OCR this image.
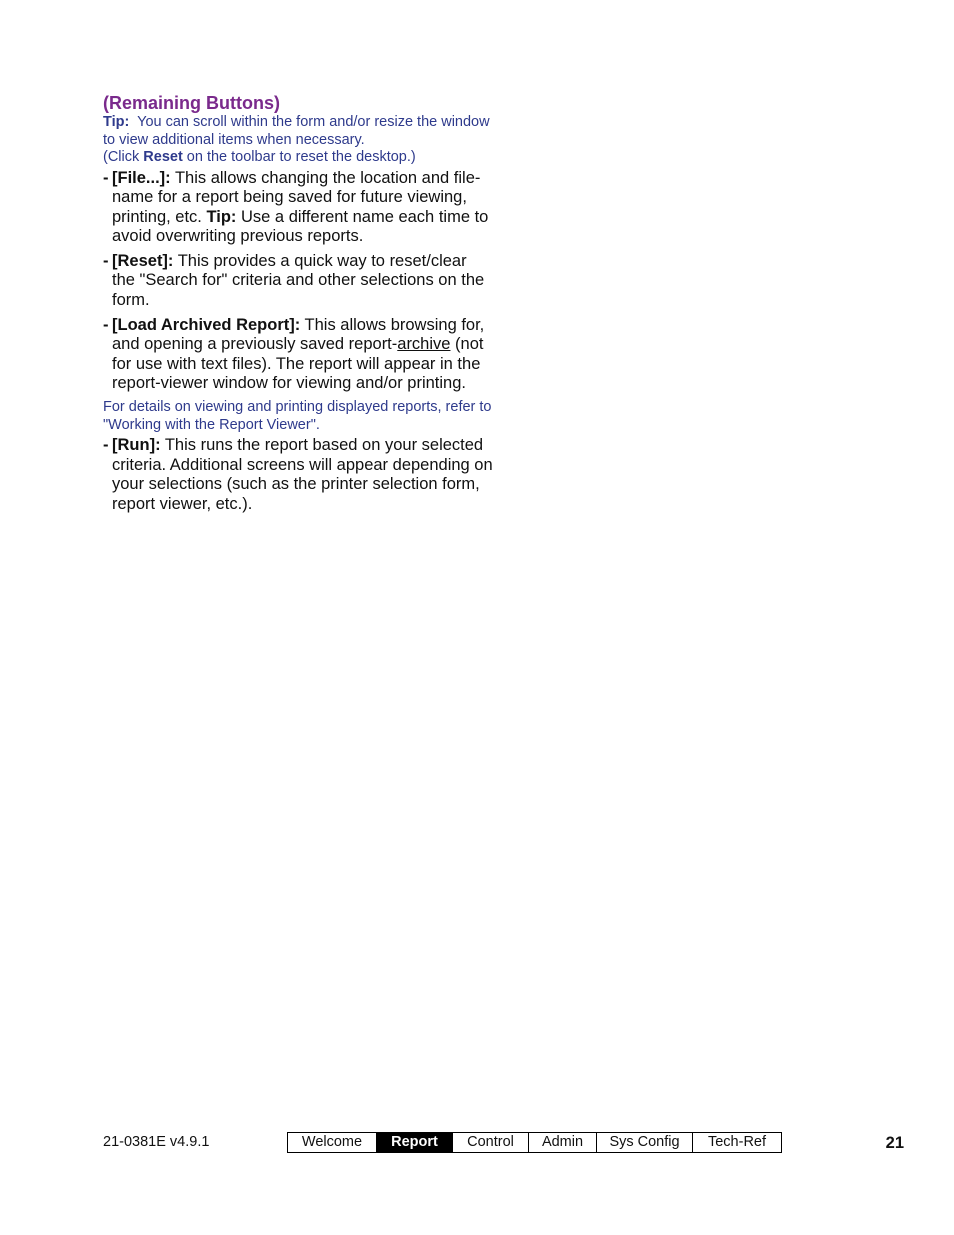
(Remaining Buttons)

Tip: You can scroll within the form and/or resize the window to view additional items when necessary.
(Click Reset on the toolbar to reset the desktop.)

- [File...]: This allows changing the location and file-name for a report being saved for future viewing, printing, etc. Tip: Use a different name each time to avoid overwriting previous reports.
- [Reset]: This provides a quick way to reset/clear the "Search for" criteria and other selections on the form.
- [Load Archived Report]: This allows browsing for, and opening a previously saved report-archive (not for use with text files). The report will appear in the report-viewer window for viewing and/or printing.

For details on viewing and printing displayed reports, refer to "Working with the Report Viewer".

- [Run]: This runs the report based on your selected criteria. Additional screens will appear depending on your selections (such as the printer selection form, report viewer, etc.).
21-0381E v4.9.1	Welcome	Report	Control	Admin	Sys Config	Tech-Ref	21
